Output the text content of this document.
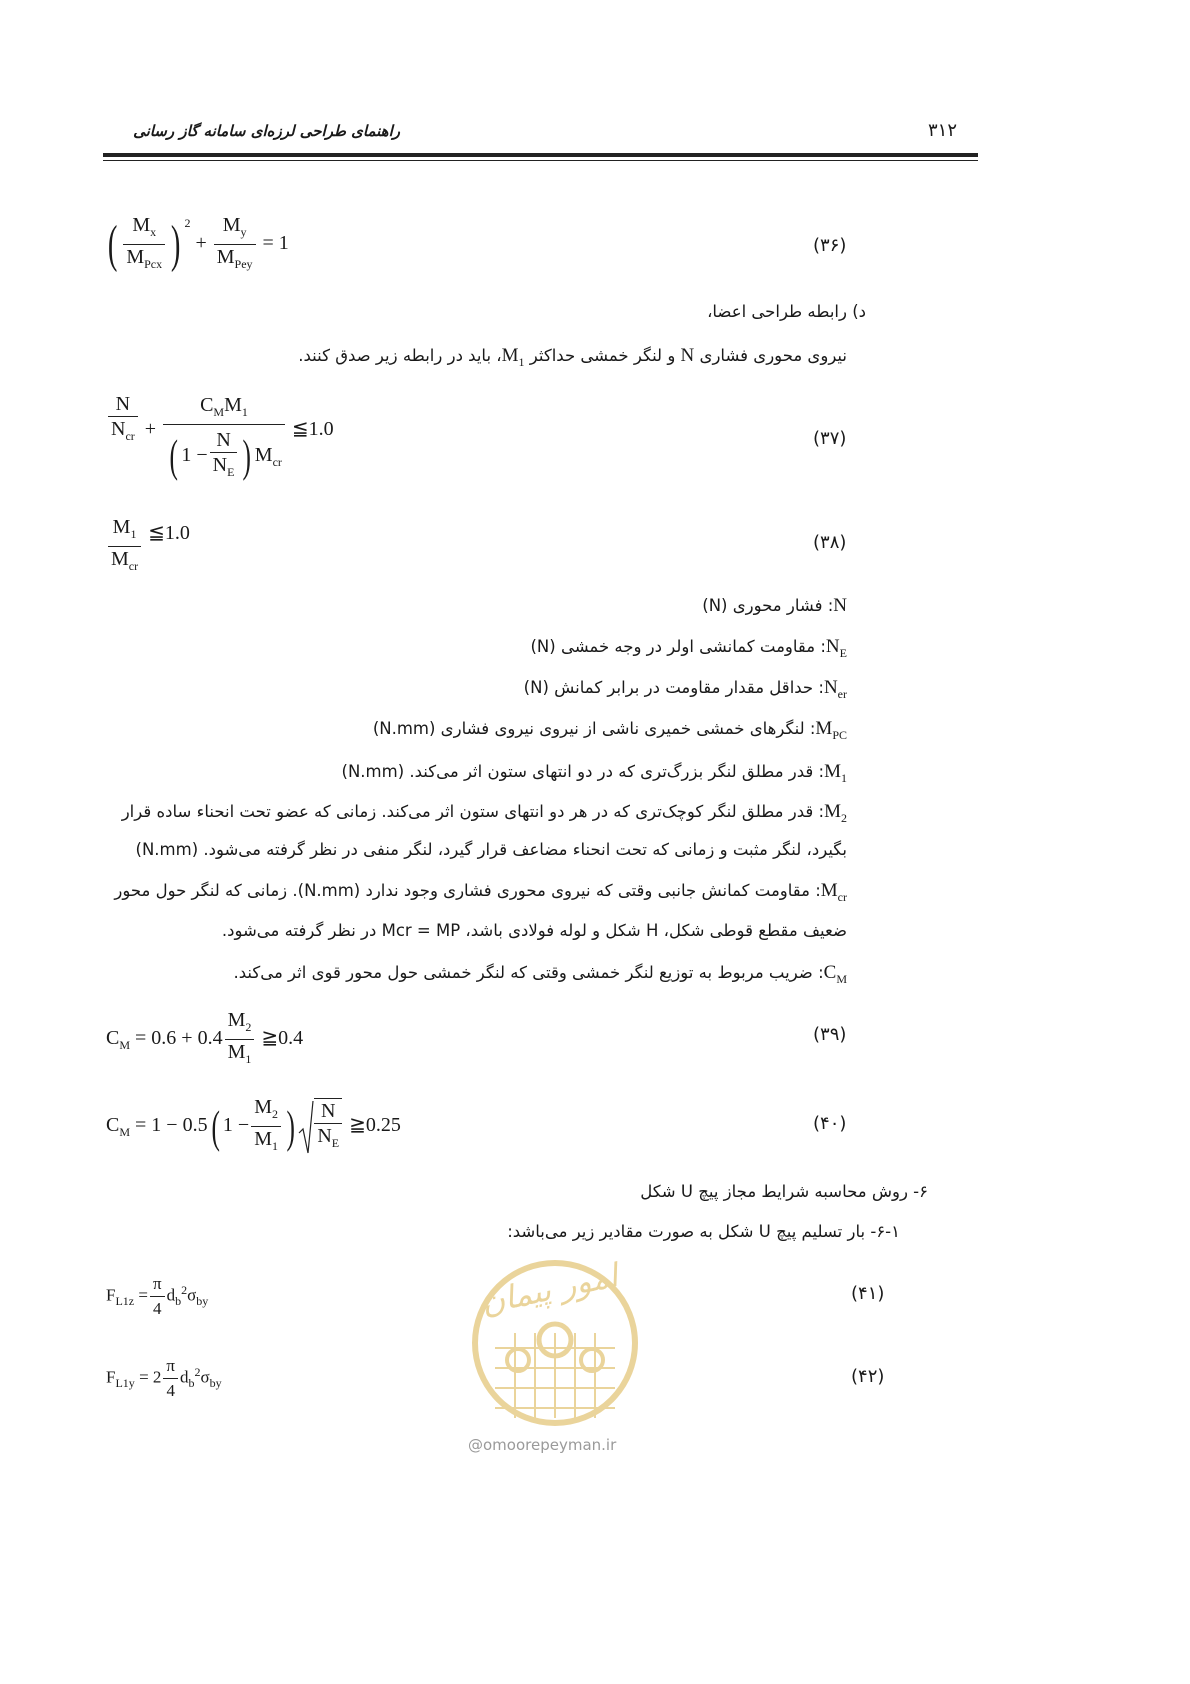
راهنمای طراحی لرزه‌ای سامانه گاز رسانی	۳۱۲
( $\frac{M_x}{M_{Pcx}}$ ) $^2 + \frac{M_y}{M_{Pey}} = 1$	(۳۶)
د) رابطه طراحی اعضا،
نیروی محوری فشاری N و لنگر خمشی حداکثر $M_1،$ باید در رابطه زیر صدق کنند.
$\frac{N}{N_{cr}} + \frac{C_MM_1}{( 1 - \frac{N}{N_E} ) M_{cr}}$ ≦1.0	(۳۷)
$\frac{M_1}{M_{cr}}$ ≦1.0	(۳۸)
N: فشار محوری (N)
$N_E$: مقاومت کمانشی اولر در وجه خمشی (N)
$N_{er}$: حداقل مقدار مقاومت در برابر کمانش (N)
$M_{PC}$: لنگرهای خمشی خمیری ناشی از نیروی نیروی فشاری (N.mm)
$M_1$: قدر مطلق لنگر بزرگ‌تری که در دو انتهای ستون اثر می‌کند. (N.mm)
$M_2$: قدر مطلق لنگر کوچک‌تری که در هر دو انتهای ستون اثر می‌کند. زمانی که عضو تحت انحناء ساده قرار
بگیرد، لنگر مثبت و زمانی که تحت انحناء مضاعف قرار گیرد، لنگر منفی در نظر گرفته می‌شود. (N.mm)
$M_{cr}$: مقاومت کمانش جانبی وقتی که نیروی محوری فشاری وجود ندارد (N.mm). زمانی که لنگر حول محور
ضعیف مقطع قوطی شکل، H شکل و لوله فولادی باشد، Mcr = MP در نظر گرفته می‌شود.
$C_M$: ضریب مربوط به توزیع لنگر خمشی وقتی که لنگر خمشی حول محور قوی اثر می‌کند.
$C_M = 0.6 + 0.4 \frac{M_2}{M_1}$ ≧0.4	(۳۹)
$C_M = 1 - 0.5$( $1 - \frac{M_2}{M_1}$ ) $\frac{N}{N_E}$ ≧0.25	(۴۰)
۶- روش محاسبه شرایط مجاز پیچ U شکل
۶-۱- بار تسلیم پیچ U شکل به صورت مقادیر زیر می‌باشد:
امور پیمان
@omoorepeyman.ir
$F_{L1z} = \frac{\pi}{4} d_b^2\sigma_{by}$	(۴۱)
$F_{L1y} = 2 \frac{\pi}{4} d_b^2\sigma_{by}$	(۴۲)
